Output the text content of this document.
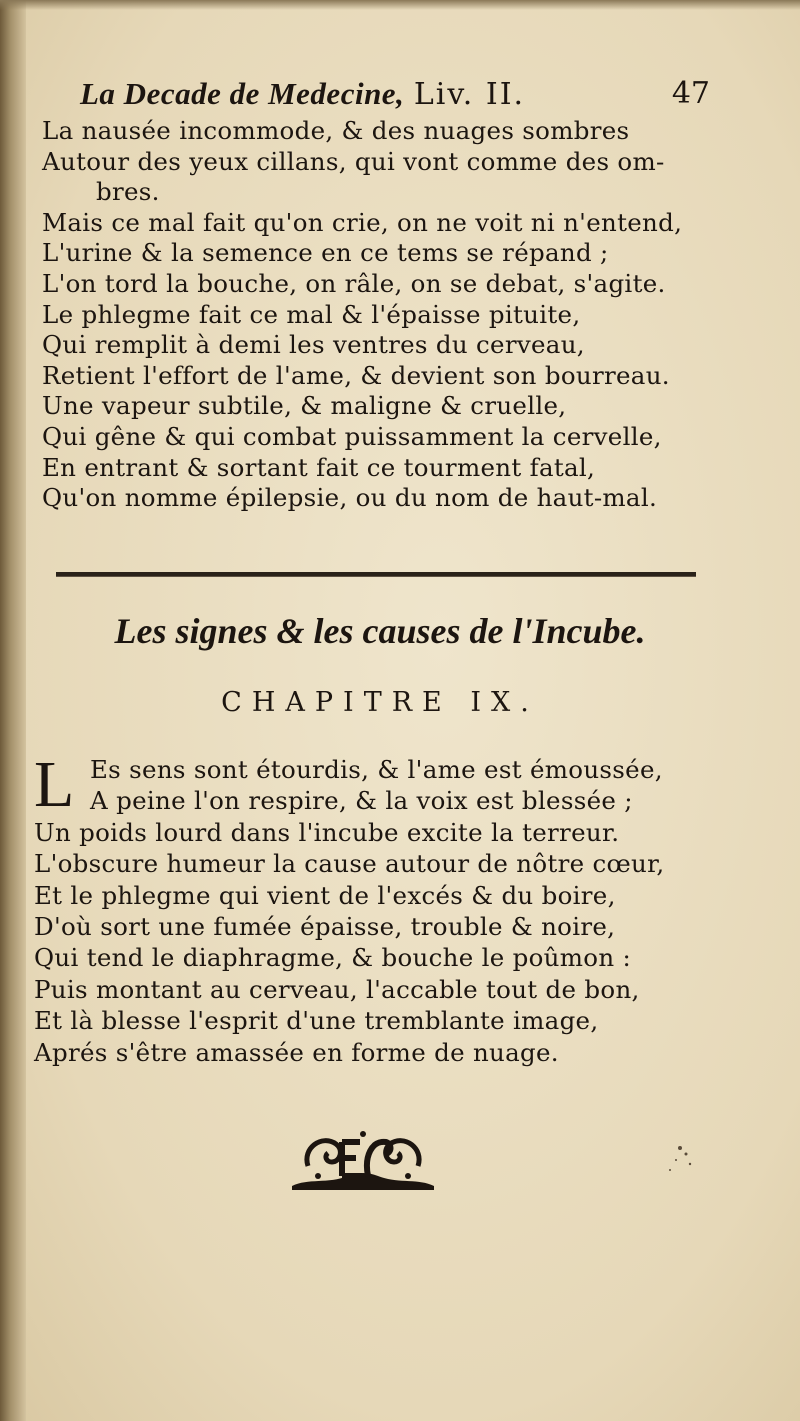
La Decade de Medecine, Liv. II.	47
La nausée incommode, & des nuages sombres
Autour des yeux cillans, qui vont comme des om-
bres.
Mais ce mal fait qu'on crie, on ne voit ni n'entend,
L'urine & la semence en ce tems se répand ;
L'on tord la bouche, on râle, on se debat, s'agite.
Le phlegme fait ce mal & l'épaisse pituite,
Qui remplit à demi les ventres du cerveau,
Retient l'effort de l'ame, & devient son bourreau.
Une vapeur subtile, & maligne & cruelle,
Qui gêne & qui combat puissamment la cervelle,
En entrant & sortant fait ce tourment fatal,
Qu'on nomme épilepsie, ou du nom de haut-mal.
Les signes & les causes de l'Incube.
CHAPITRE IX.
L Es sens sont étourdis, & l'ame est émoussée,
A peine l'on respire, & la voix est blessée ;
Un poids lourd dans l'incube excite la terreur.
L'obscure humeur la cause autour de nôtre cœur,
Et le phlegme qui vient de l'excés & du boire,
D'où sort une fumée épaisse, trouble & noire,
Qui tend le diaphragme, & bouche le poûmon :
Puis montant au cerveau, l'accable tout de bon,
Et là blesse l'esprit d'une tremblante image,
Aprés s'être amassée en forme de nuage.
